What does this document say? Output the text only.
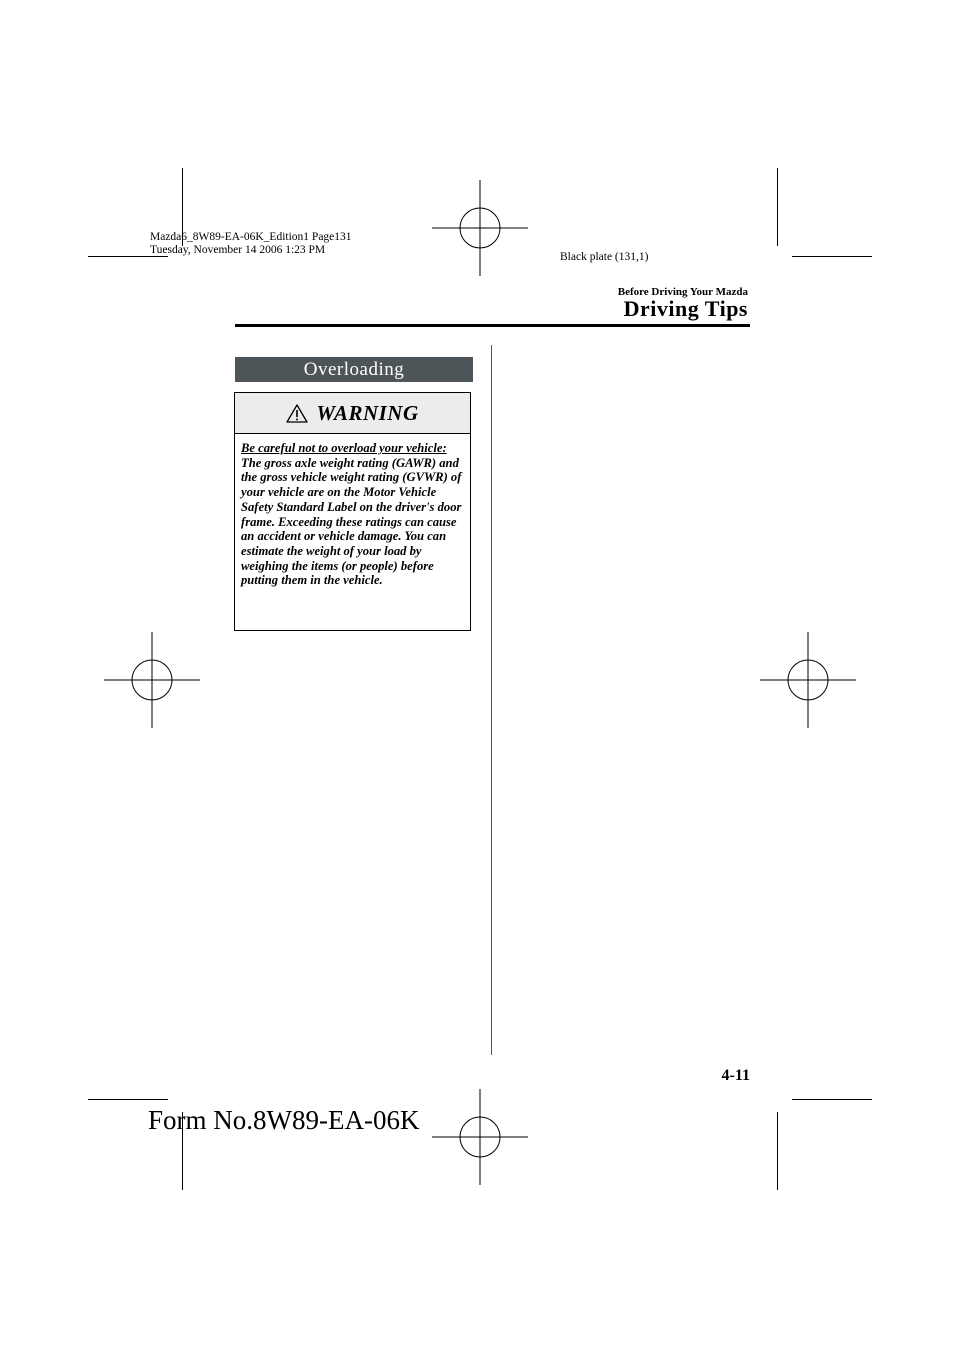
Mazda6_8W89-EA-06K_Edition1 Page131
Tuesday, November 14 2006 1:23 PM
Black plate (131,1)
Before Driving Your Mazda
Driving Tips
Overloading
WARNING
Be careful not to overload your vehicle:
The gross axle weight rating (GAWR) and the gross vehicle weight rating (GVWR) of your vehicle are on the Motor Vehicle Safety Standard Label on the driver's door frame. Exceeding these ratings can cause an accident or vehicle damage. You can estimate the weight of your load by weighing the items (or people) before putting them in the vehicle.
4-11
Form No.8W89-EA-06K
